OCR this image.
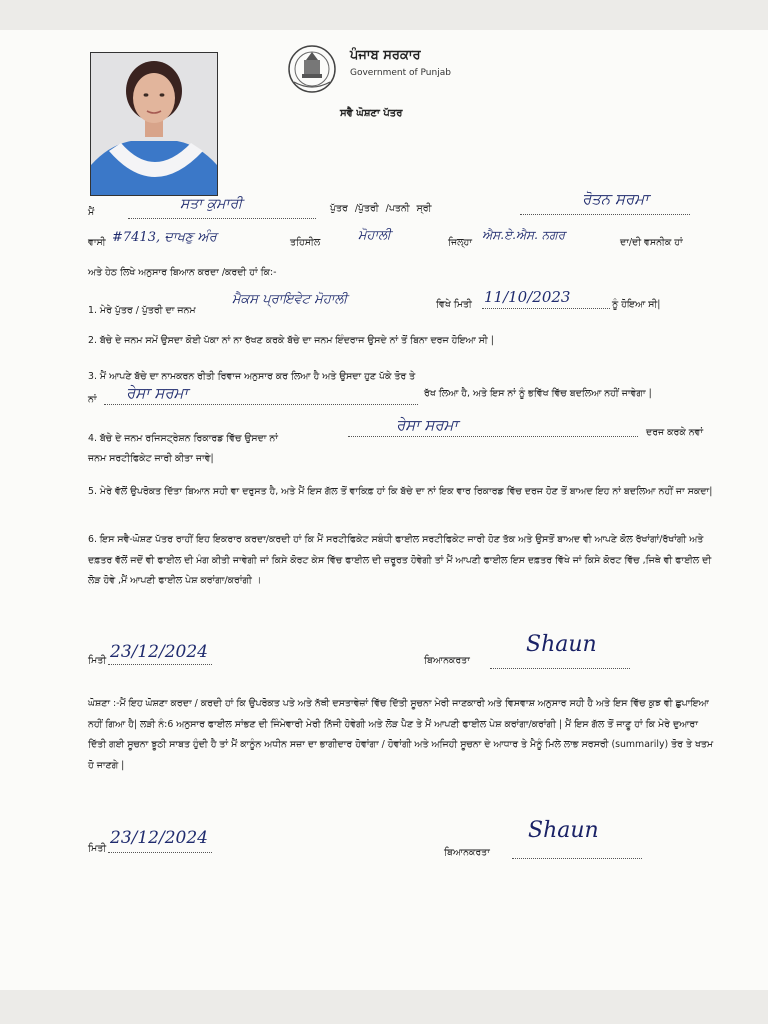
ਪੰਜਾਬ ਸਰਕਾਰ
Government of Punjab
ਸਵੈ ਘੋਸ਼ਣਾ ਪੱਤਰ
ਮੈਂ
ਸਤਾ ਕੁਮਾਰੀ	ਪੁੱਤਰ /ਪੁੱਤਰੀ /ਪਤਨੀ ਸ੍ਰੀ
ਰੋਤਨ ਸਰਮਾ
ਵਾਸੀ #7413, ਦਾਖਣੁ ਅੰਰ	ਤਹਿਸੀਲ	ਮੋਹਾਲੀ	ਜਿਲ੍ਹਾ
ਐਸ.ਏ.ਐਸ. ਨਗਰ
ਦਾ/ਦੀ ਵਸਨੀਕ ਹਾਂ
ਅਤੇ ਹੇਠ ਲਿਖੇ ਅਨੁਸਾਰ ਬਿਆਨ ਕਰਦਾ /ਕਰਦੀ ਹਾਂ ਕਿ:-
1. ਮੇਰੇ ਪੁੱਤਰ / ਪੁੱਤਰੀ ਦਾ ਜਨਮ
ਮੈਕਸ ਪ੍ਰਾਇਵੇਟ ਮੋਹਾਲੀ	ਵਿਖੇ ਮਿਤੀ 11/10/2023	ਨੂੰ ਹੋਇਆ ਸੀ|
2. ਬੱਚੇ ਦੇ ਜਨਮ ਸਮੇਂ ਉਸਦਾ ਕੋਈ ਪੱਕਾ ਨਾਂ ਨਾ ਰੱਖਣ ਕਰਕੇ ਬੱਚੇ ਦਾ ਜਨਮ ਇੰਦਰਾਜ ਉਸਦੇ ਨਾਂ ਤੋਂ ਬਿਨਾ ਦਰਜ ਹੋਇਆ ਸੀ |
3. ਮੈਂ ਆਪਣੇ ਬੱਚੇ ਦਾ ਨਾਮਕਰਨ ਰੀਤੀ ਰਿਵਾਜ ਅਨੁਸਾਰ ਕਰ ਲਿਆ ਹੈ ਅਤੇ ਉਸਦਾ ਹੁਣ ਪੱਕੇ ਤੋਰ ਤੇ
ਨਾਂ ਰੇਸਾ ਸਰਮਾ	ਰੱਖ ਲਿਆ ਹੈ, ਅਤੇ ਇਸ ਨਾਂ ਨੂੰ ਭਵਿੱਖ ਵਿੱਚ ਬਦਲਿਆ ਨਹੀਂ ਜਾਵੇਗਾ |
4. ਬੱਚੇ ਦੇ ਜਨਮ ਰਜਿਸਟ੍ਰੇਸ਼ਨ ਰਿਕਾਰਡ ਵਿੱਚ ਉਸਦਾ ਨਾਂ
ਰੇਸਾ ਸਰਮਾ	ਦਰਜ ਕਰਕੇ ਨਵਾਂ
ਜਨਮ ਸਰਟੀਫਿਕੇਟ ਜਾਰੀ ਕੀਤਾ ਜਾਵੇ|
5. ਮੇਰੇ ਵੱਲੋਂ ਉਪਰੋਕਤ ਦਿੱਤਾ ਬਿਆਨ ਸਹੀ ਵਾ ਦਰੁਸਤ ਹੈ, ਅਤੇ ਮੈਂ ਇਸ ਗੱਲ ਤੋਂ ਵਾਕਿਫ਼ ਹਾਂ ਕਿ ਬੱਚੇ ਦਾ ਨਾਂ ਇਕ ਵਾਰ ਰਿਕਾਰਡ ਵਿੱਚ ਦਰਜ ਹੋਣ ਤੋਂ ਬਾਅਦ ਇਹ ਨਾਂ ਬਦਲਿਆ ਨਹੀਂ ਜਾ ਸਕਦਾ|
6. ਇਸ ਸਵੈ-ਘੋਸ਼ਣ ਪੱਤਰ ਰਾਹੀਂ ਇਹ ਇਕਰਾਰ ਕਰਦਾ/ਕਰਦੀ ਹਾਂ ਕਿ ਮੈਂ ਸਰਟੀਫਿਕੇਟ ਸਬੰਧੀ ਫਾਈਲ ਸਰਟੀਫਿਕੇਟ ਜਾਰੀ ਹੋਣ ਤੱਕ ਅਤੇ ਉਸਤੋਂ ਬਾਅਦ ਵੀ ਆਪਣੇ ਕੋਲ ਰੱਖਾਂਗਾਂ/ਰੱਖਾਂਗੀ ਅਤੇ ਦਫ਼ਤਰ ਵੱਲੋਂ ਜਦੋਂ ਵੀ ਫਾਈਲ ਦੀ ਮੰਗ ਕੀਤੀ ਜਾਵੇਗੀ ਜਾਂ ਕਿਸੇ ਕੋਰਟ ਕੇਸ ਵਿੱਚ ਫਾਈਲ ਦੀ ਜ਼ਰੂਰਤ ਹੋਵੇਗੀ ਤਾਂ ਮੈਂ ਆਪਣੀ ਫਾਈਲ ਇਸ ਦਫ਼ਤਰ ਵਿੱਖੇ ਜਾਂ ਕਿਸੇ ਕੋਰਟ ਵਿੱਚ ,ਜਿਥੇ ਵੀ ਫਾਈਲ ਦੀ ਲੋੜ ਹੋਵੇ ,ਮੈਂ ਆਪਣੀ ਫਾਈਲ ਪੇਸ਼ ਕਰਾਂਗਾ/ਕਰਾਂਗੀ ।
ਮਿਤੀ 23/12/2024	ਬਿਆਨਕਰਤਾ
Shaun
ਘੋਸ਼ਣਾ :-ਮੈਂ ਇਹ ਘੋਸ਼ਣਾ ਕਰਦਾ / ਕਰਦੀ ਹਾਂ ਕਿ ਉਪਰੋਕਤ ਪਤੇ ਅਤੇ ਨੱਥੀ ਦਸਤਾਵੇਜ਼ਾਂ ਵਿੱਚ ਦਿੱਤੀ ਸੂਚਨਾ ਮੇਰੀ ਜਾਣਕਾਰੀ ਅਤੇ ਵਿਸਵਾਸ਼ ਅਨੁਸਾਰ ਸਹੀ ਹੈ ਅਤੇ ਇਸ ਵਿੱਚ ਕੁਝ ਵੀ ਛੁਪਾਇਆ ਨਹੀਂ ਗਿਆ ਹੈ| ਲੜੀ ਨੰ:6 ਅਨੁਸਾਰ ਫਾਈਲ ਸਾਂਭਣ ਦੀ ਜਿੰਮੇਵਾਰੀ ਮੇਰੀ ਨਿੱਜੀ ਹੋਵੇਗੀ ਅਤੇ ਲੋੜ ਪੈਣ ਤੇ ਮੈਂ ਆਪਣੀ ਫਾਈਲ ਪੇਸ਼ ਕਰਾਂਗਾ/ਕਰਾਂਗੀ | ਮੈਂ ਇਸ ਗੱਲ ਤੋਂ ਜਾਣੂ ਹਾਂ ਕਿ ਮੇਰੇ ਦੁਆਰਾ ਦਿੱਤੀ ਗਈ ਸੂਚਨਾ ਝੂਠੀ ਸਾਬਤ ਹੁੰਦੀ ਹੈ ਤਾਂ ਮੈਂ ਕਾਨੂੰਨ ਅਧੀਨ ਸਜ਼ਾ ਦਾ ਭਾਗੀਦਾਰ ਹੋਵਾਂਗਾ / ਹੋਵਾਂਗੀ ਅਤੇ ਅਜਿਹੀ ਸੂਚਨਾ ਦੇ ਆਧਾਰ ਤੇ ਮੈਨੂੰ ਮਿਲੇ ਲਾਭ ਸਰਸਰੀ (summarily) ਤੋਰ ਤੇ ਖਤਮ ਹੋ ਜਾਣਗੇ |
ਮਿਤੀ
23/12/2024
ਬਿਆਨਕਰਤਾ
Shaun
